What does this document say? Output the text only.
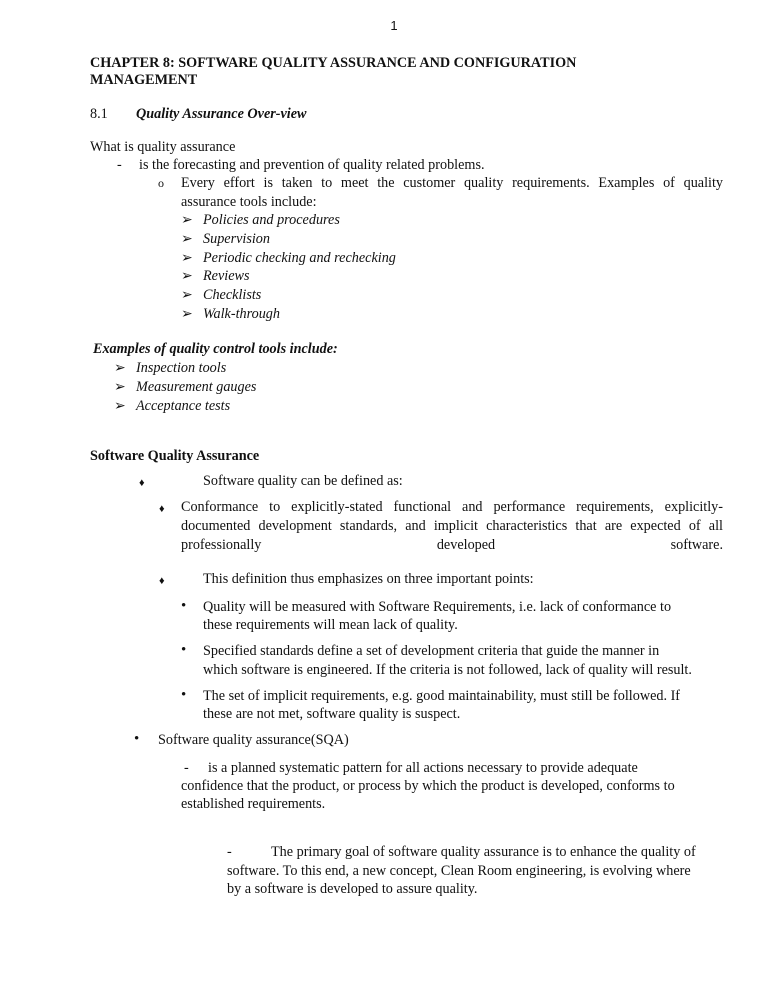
1
CHAPTER 8: SOFTWARE QUALITY ASSURANCE AND CONFIGURATION
MANAGEMENT
8.1 Quality Assurance Over-view
What is quality assurance
- is the forecasting and prevention of quality related problems.
o Every effort is taken to meet the customer quality requirements. Examples of quality
assurance tools include:
➢ Policies and procedures
➢ Supervision
➢ Periodic checking and rechecking
➢ Reviews
➢ Checklists
➢ Walk-through
Examples of quality control tools include:
➢ Inspection tools
➢ Measurement gauges
➢ Acceptance tests
Software Quality Assurance
♦	Software quality can be defined as:
♦ Conformance to explicitly-stated functional and performance requirements, explicitly-documented development standards, and implicit characteristics that are expected of all professionally developed software.
♦	This definition thus emphasizes on three important points:
• Quality will be measured with Software Requirements, i.e. lack of conformance to
these requirements will mean lack of quality.
• Specified standards define a set of development criteria that guide the manner in
which software is engineered. If the criteria is not followed, lack of quality will result.
• The set of implicit requirements, e.g. good maintainability, must still be followed. If
these are not met, software quality is suspect.
• Software quality assurance(SQA)
- is a planned systematic pattern for all actions necessary to provide adequate
confidence that the product, or process by which the product is developed, conforms to
established requirements.
-	The primary goal of software quality assurance is to enhance the quality of
software. To this end, a new concept, Clean Room engineering, is evolving where
by a software is developed to assure quality.
